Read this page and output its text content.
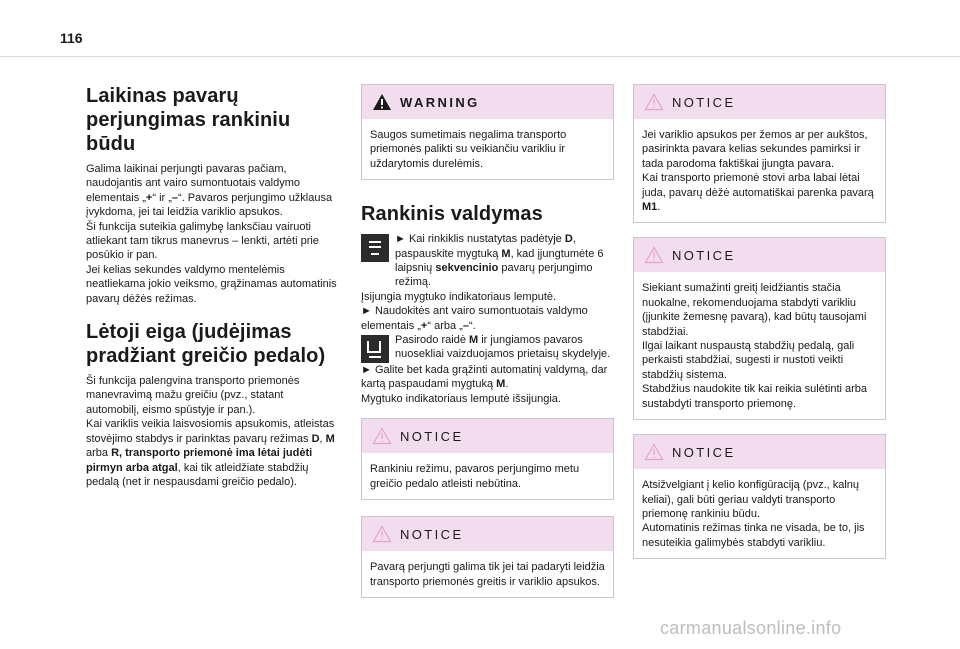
116
Laikinas pavarų perjungimas rankiniu būdu

Galima laikinai perjungti pavaras pačiam, naudojantis ant vairo sumontuotais valdymo elementais „+“ ir „–“. Pavaros perjungimo užklausa įvykdoma, jei tai leidžia variklio apsukos.

Ši funkcija suteikia galimybę lanksčiau vairuoti atliekant tam tikrus manevrus – lenkti, artėti prie posūkio ir pan.

Jei kelias sekundes valdymo mentelėmis neatliekama jokio veiksmo, grąžinamas automatinis pavarų dėžės režimas.

Lėtoji eiga (judėjimas pradžiant greičio pedalo)

Ši funkcija palengvina transporto priemonės manevravimą mažu greičiu (pvz., statant automobilį, eismo spūstyje ir pan.).

Kai variklis veikia laisvosiomis apsukomis, atleistas stovėjimo stabdys ir parinktas pavarų režimas D, M arba R, transporto priemonė ima lėtai judėti pirmyn arba atgal, kai tik atleidžiate stabdžių pedalą (net ir nespausdami greičio pedalo).

WARNING

Saugos sumetimais negalima transporto priemonės palikti su veikiančiu varikliu ir uždarytomis durelėmis.

Rankinis valdymas

► Kai rinkiklis nustatytas padėtyje D, paspauskite mygtuką M, kad įjungtumėte 6 laipsnių sekvencinio pavarų perjungimo režimą.

Įsijungia mygtuko indikatoriaus lemputė.

► Naudokitės ant vairo sumontuotais valdymo elementais „+“ arba „–“.

Pasirodo raidė M ir jungiamos pavaros nuosekliai vaizduojamos prietaisų skydelyje.

► Galite bet kada grąžinti automatinį valdymą, dar kartą paspaudami mygtuką M.

Mygtuko indikatoriaus lemputė išsijungia.

NOTICE

Rankiniu režimu, pavaros perjungimo metu greičio pedalo atleisti nebūtina.

NOTICE

Pavarą perjungti galima tik jei tai padaryti leidžia transporto priemonės greitis ir variklio apsukos.

NOTICE

Jei variklio apsukos per žemos ar per aukštos, pasirinkta pavara kelias sekundes pamirksi ir tada parodoma faktiškai įjungta pavara.

Kai transporto priemonė stovi arba labai lėtai juda, pavarų dėžė automatiškai parenka pavarą M1.

NOTICE

Siekiant sumažinti greitį leidžiantis stačia nuokalne, rekomenduojama stabdyti varikliu (įjunkite žemesnę pavarą), kad būtų tausojami stabdžiai.

Ilgai laikant nuspaustą stabdžių pedalą, gali perkaisti stabdžiai, sugesti ir nustoti veikti stabdžių sistema.

Stabdžius naudokite tik kai reikia sulėtinti arba sustabdyti transporto priemonę.

NOTICE

Atsižvelgiant į kelio konfigūraciją (pvz., kalnų keliai), gali būti geriau valdyti transporto priemonę rankiniu būdu.

Automatinis režimas tinka ne visada, be to, jis nesuteikia galimybės stabdyti varikliu.

carmanualsonline.info
